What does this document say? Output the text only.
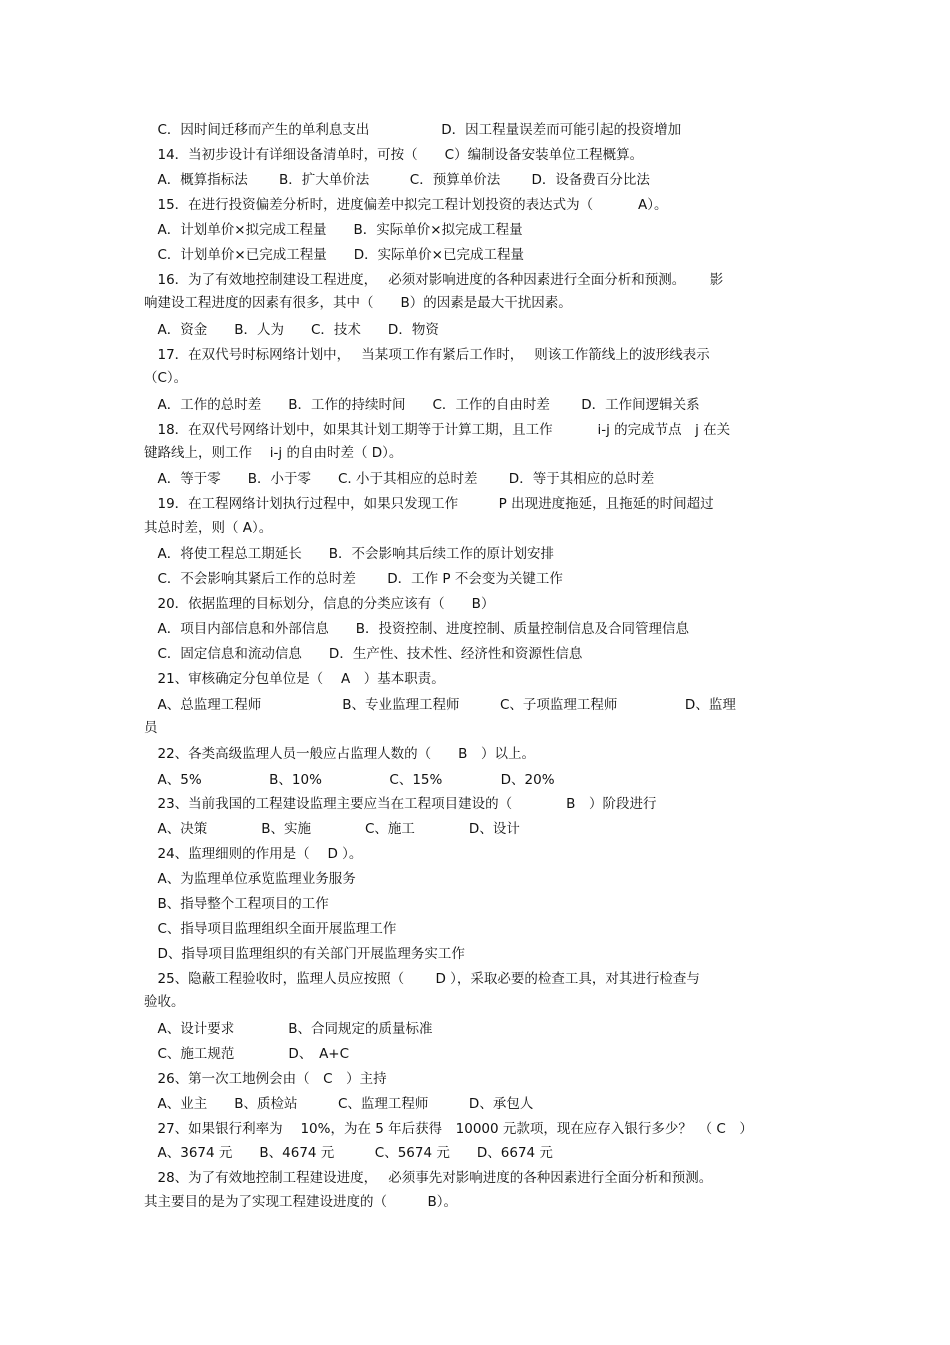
　C．因时间迁移而产生的单利息支出　　　　　 D．因工程量误差而可能引起的投资增加
　14．当初步设计有详细设备清单时，可按（　　C）编制设备安装单位工程概算。
　A．概算指标法　　 B．扩大单价法　　　C．预算单价法　　 D．设备费百分比法
　15．在进行投资偏差分析时，进度偏差中拟完工程计划投资的表达式为（　　　 A）。
　A．计划单价×拟完成工程量　　B．实际单价×拟完成工程量
　C．计划单价×已完成工程量　　D．实际单价×已完成工程量
　16．为了有效地控制建设工程进度，　 必须对影响进度的各种因素进行全面分析和预测。　　 影
响建设工程进度的因素有很多，其中（　　B）的因素是最大干扰因素。
　A．资金　　B．人为　　C．技术　　D．物资
　17．在双代号时标网络计划中，　 当某项工作有紧后工作时，　 则该工作箭线上的波形线表示
（C）。
　A．工作的总时差　　B．工作的持续时间　　C．工作的自由时差　　 D．工作间逻辑关系
　18．在双代号网络计划中，如果其计划工期等于计算工期，且工作　　　 i-j 的完成节点　j 在关
键路线上，则工作　 i-j 的自由时差（ D）。
　A．等于零　　B．小于零　　C. 小于其相应的总时差　　 D．等于其相应的总时差
　19．在工程网络计划执行过程中，如果只发现工作　　　P 出现进度拖延，且拖延的时间超过
其总时差，则（ A）。
　A．将使工程总工期延长　　B．不会影响其后续工作的原计划安排
　C．不会影响其紧后工作的总时差　　 D．工作 P 不会变为关键工作
　20．依据监理的目标划分，信息的分类应该有（　　B）
　A．项目内部信息和外部信息　　B．投资控制、进度控制、质量控制信息及合同管理信息
　C．固定信息和流动信息　　D．生产性、技术性、经济性和资源性信息
　21、审核确定分包单位是（　 A　）基本职责。
　A、总监理工程师　　　　　　B、专业监理工程师　　　C、子项监理工程师　　　　　D、监理
员
　22、各类高级监理人员一般应占监理人数的（　　B　）以上。
　A、5%　　　　　B、10%　　　　　C、15%　　　　 D、20%
　23、当前我国的工程建设监理主要应当在工程项目建设的（　　　　B　）阶段进行
　A、决策　　　　B、实施　　　　C、施工　　　　D、设计
　24、监理细则的作用是（　 D ）。
　A、为监理单位承览监理业务服务
　B、指导整个工程项目的工作
　C、指导项目监理组织全面开展监理工作
　D、指导项目监理组织的有关部门开展监理务实工作
　25、隐蔽工程验收时，监理人员应按照（　　 D ），采取必要的检查工具，对其进行检查与
验收。
　A、设计要求　　　　B、合同规定的质量标准
　C、施工规范　　　　D、　A+C
　26、第一次工地例会由（　C　）主持
　A、业主　　B、质检站　　　C、监理工程师　　　D、承包人
　27、如果银行利率为　 10%，为在 5 年后获得　10000 元款项，现在应存入银行多少？　（ C　）
　A、3674 元　　B、4674 元　　　C、5674 元　　D、6674 元
　28、为了有效地控制工程建设进度，　 必须事先对影响进度的各种因素进行全面分析和预测。
其主要目的是为了实现工程建设进度的（　　　B）。
